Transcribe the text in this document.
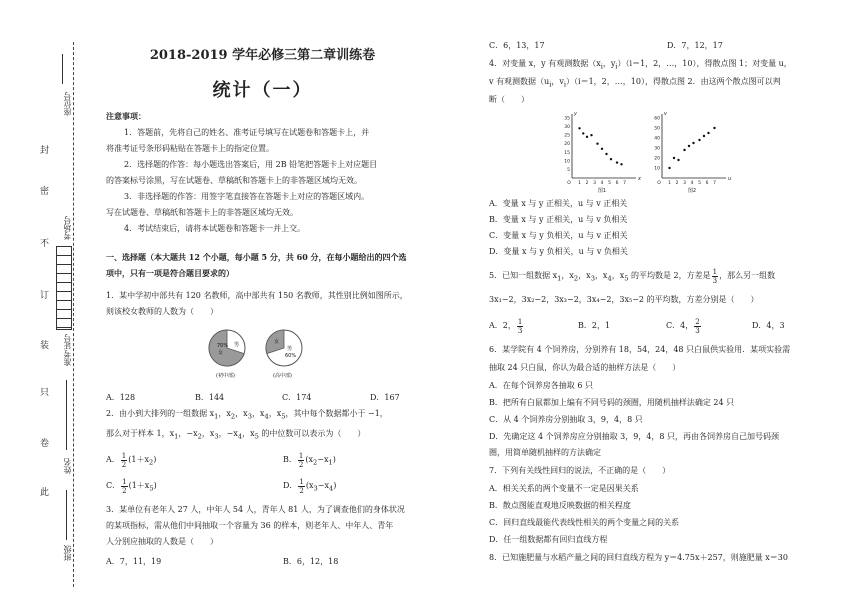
座位号
考场号
准考证号
姓名
班级
封
密
不
订
装
只
卷
此
2018-2019 学年必修三第二章训练卷
统计（一）
注意事项：
1．答题前，先将自己的姓名、准考证号填写在试题卷和答题卡上，并
将准考证号条形码粘贴在答题卡上的指定位置。
2．选择题的作答：每小题选出答案后，用 2B 铅笔把答题卡上对应题目
的答案标号涂黑，写在试题卷、草稿纸和答题卡上的非答题区域均无效。
3．非选择题的作答：用签字笔直接答在答题卡上对应的答题区域内。
写在试题卷、草稿纸和答题卡上的非答题区域均无效。
4．考试结束后，请将本试题卷和答题卡一并上交。
一、选择题（本大题共 12 个小题，每小题 5 分，共 60 分，在每小题给出的四个选
项中，只有一项是符合题目要求的）
1．某中学初中部共有 120 名教师，高中部共有 150 名教师，其性别比例如图所示，
则该校女教师的人数为（　　）
70%
女
男
(初中部)
女
男
60%
(高中部)
A．128	B．144	C．174	D．167
2．由小到大排列的一组数据 $x_1$，$x_2$，$x_3$，$x_4$，$x_5$，其中每个数据都小于 −1，
那么对于样本 1，$x_1$，$-x_2$，$x_3$，$-x_4$，$x_5$ 的中位数可以表示为（　　）
A． $\frac{1}{2} (1+x_2)$	B． $\frac{1}{2} (x_2-x_1)$
C． $\frac{1}{2} (1+x_5)$	D． $\frac{1}{2} (x_3-x_4)$
3．某单位有老年人 27 人，中年人 54 人，青年人 81 人，为了调查他们的身体状况
的某项指标，需从他们中间抽取一个容量为 36 的样本，则老年人、中年人、青年
人分别应抽取的人数是（　　）
A．7，11，19	B．6，12，18
C．6，13，17	D．7，12，17
4．对变量 x，y 有观测数据（$x_i$，$y_i)(i=1$，2，…，10），得散点图 1；对变量 u，
v 有观测数据（$u_i$，$v_i)(i=1$，2，…，10），得散点图 2．由这两个散点图可以判
断（　　）
5
10
15
20
25
30
35
1 2 3 4 5 6 7
O
x
y
图1
10
20
30
40
50
60
1 2 3 4 5 6 7
O
u
v
图2
A．变量 x 与 y 正相关，u 与 v 正相关
B．变量 x 与 y 正相关，u 与 v 负相关
C．变量 x 与 y 负相关，u 与 v 正相关
D．变量 x 与 y 负相关，u 与 v 负相关
5．已知一组数据 $x_1$，$x_2$，$x_3$，$x_4$，$x_5$ 的平均数是 2，方差是 $\frac{1}{3}$ ，那么另一组数
3x₁−2，3x₂−2，3x₃−2，3x₄−2，3x₅−2 的平均数，方差分别是（　　）
A．2， $\frac{1}{3}$	B．2，1	C．4， $\frac{2}{3}$	D．4，3
6．某学院有 4 个饲养房，分别养有 18，54，24，48 只白鼠供实验用．某项实验需
抽取 24 只白鼠，你认为最合适的抽样方法是（　　）
A．在每个饲养房各抽取 6 只
B．把所有白鼠都加上编有不同号码的颈圈，用随机抽样法确定 24 只
C．从 4 个饲养房分别抽取 3，9，4，8 只
D．先确定这 4 个饲养房应分别抽取 3，9，4，8 只，再由各饲养房自己加号码颈
圈，用简单随机抽样的方法确定
7．下列有关线性回归的说法，不正确的是（　　）
A．相关关系的两个变量不一定是因果关系
B．散点图能直观地反映数据的相关程度
C．回归直线最能代表线性相关的两个变量之间的关系
D．任一组数据都有回归直线方程
8．已知施肥量与水稻产量之间的回归直线方程为 y＝4.75x＋257，则施肥量 x＝30
